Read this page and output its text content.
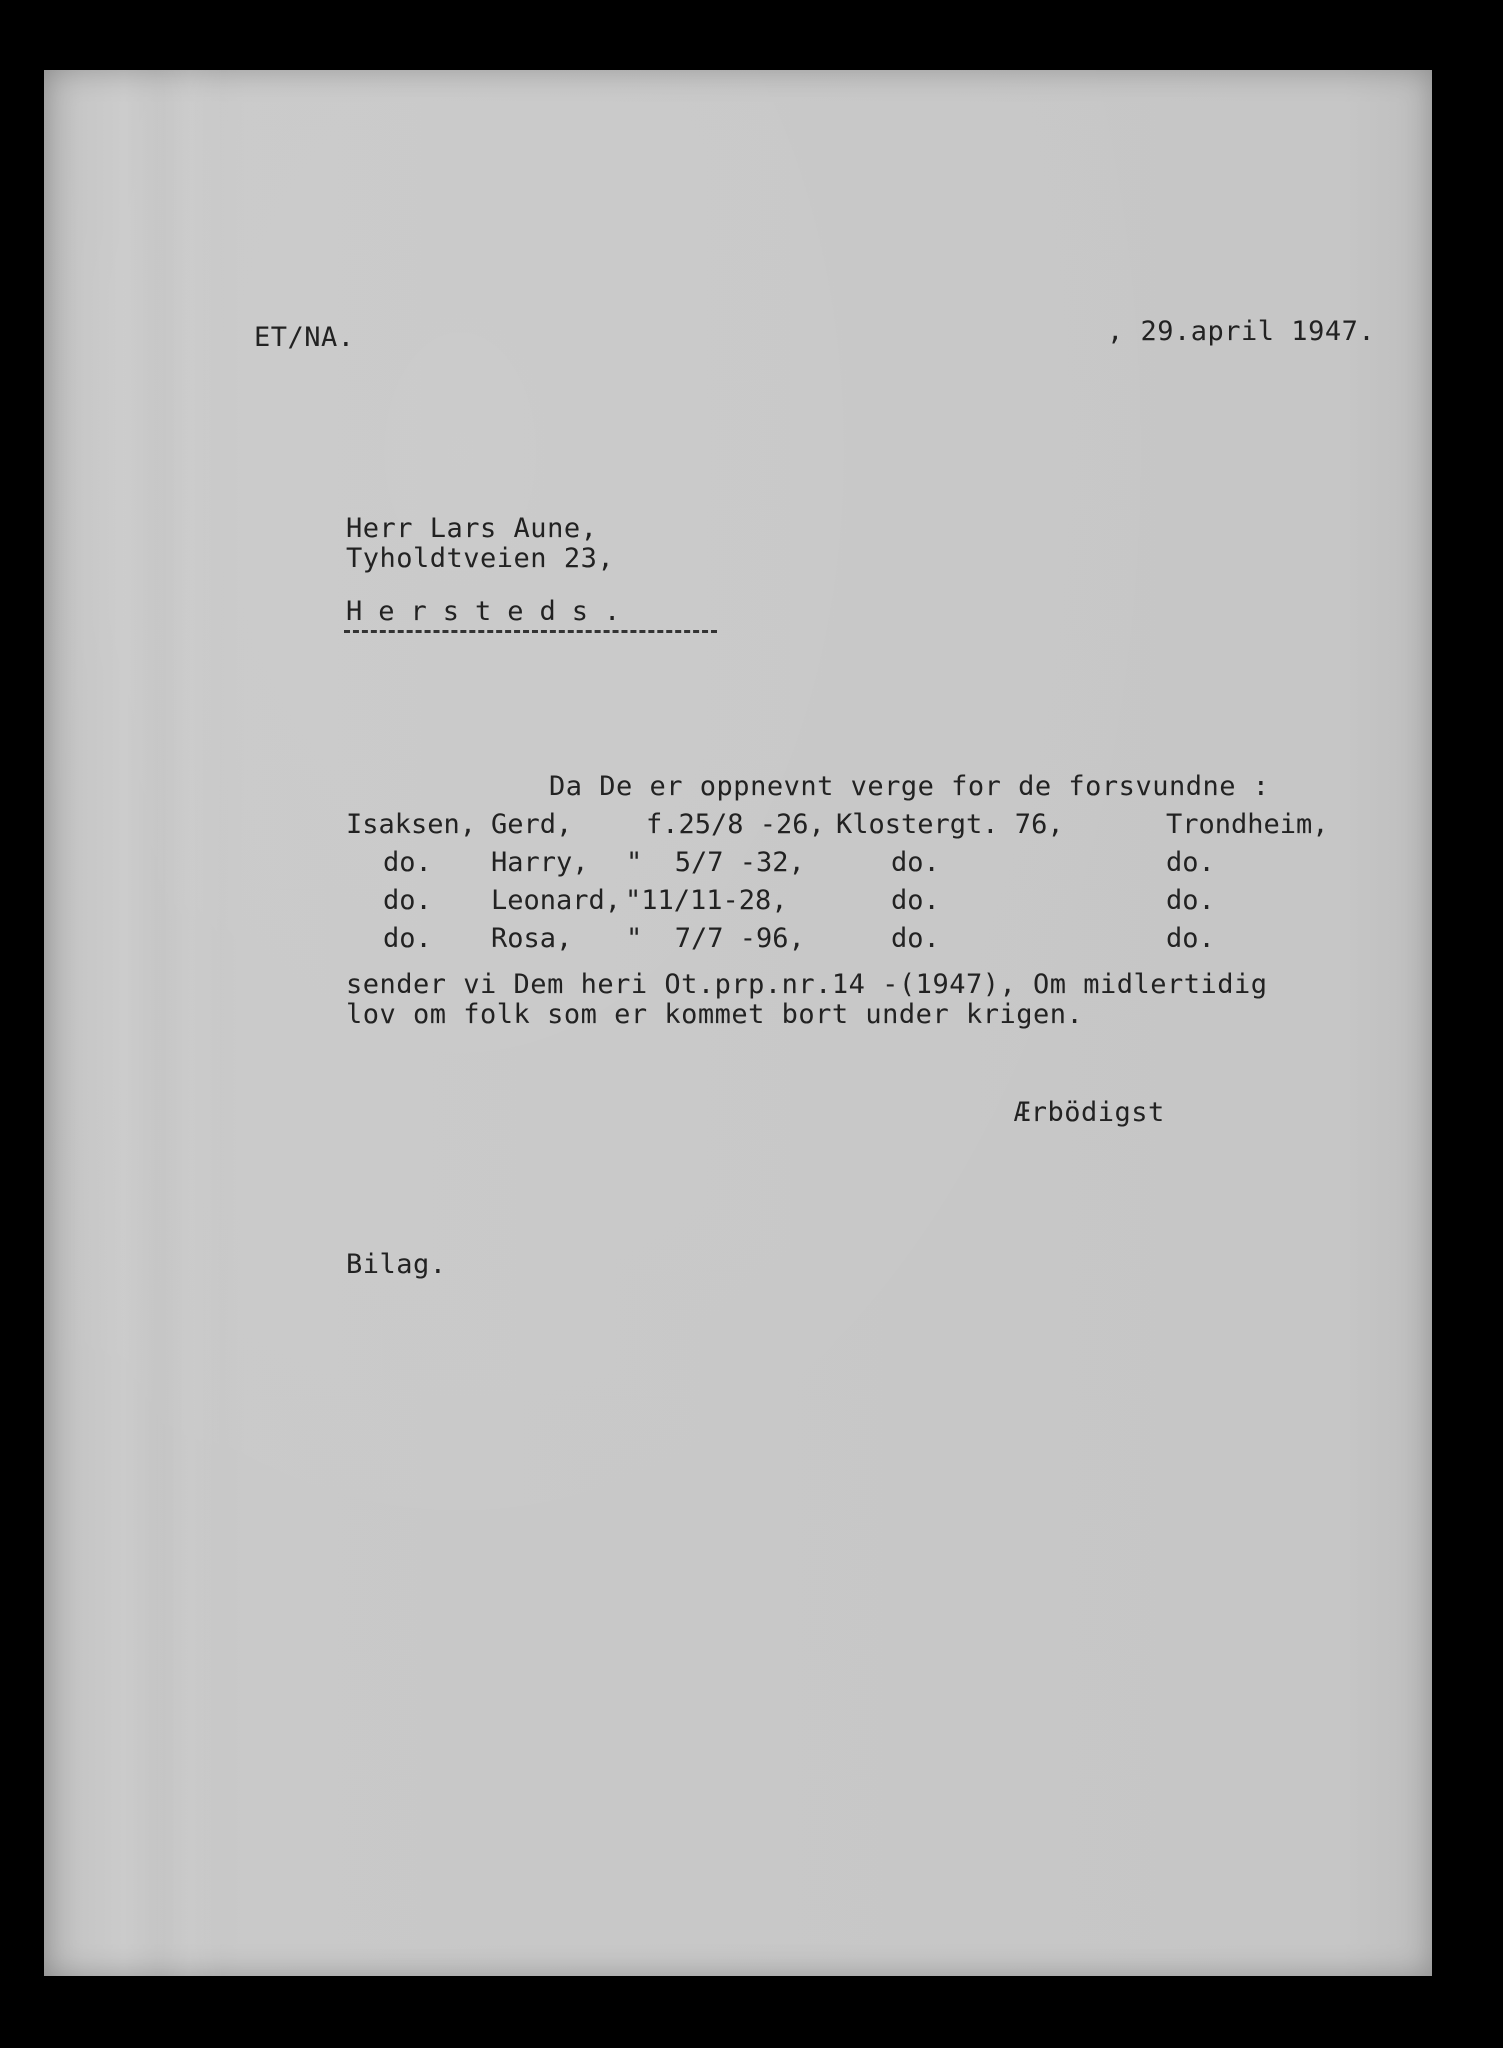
ET/NA.	, 29.april 1947.
Herr Lars Aune,
Tyholdtveien 23,
Hersteds.
Da De er oppnevnt verge for de forsvundne :
Isaksen, Gerd,	f.25/8 -26, Klostergt. 76,	Trondheim,
do. Harry, "  5/7 -32,	do.	do.
do. Leonard, "11/11-28,	do.	do.
do. Rosa, "  7/7 -96,	do.	do.
sender vi Dem heri Ot.prp.nr.14 -(1947), Om midlertidig
lov om folk som er kommet bort under krigen.
Ærbödigst
Bilag.
